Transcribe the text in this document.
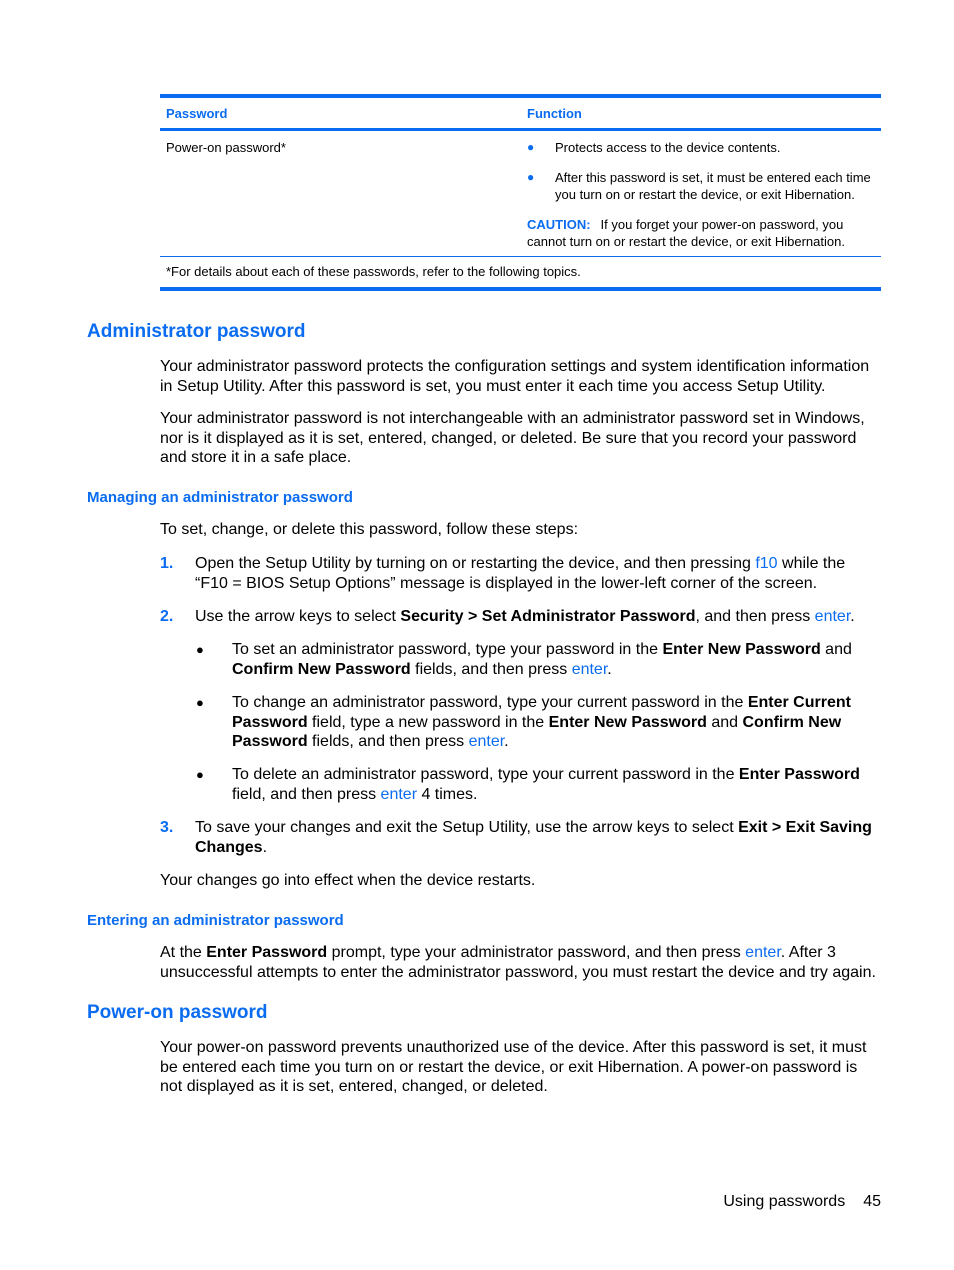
Password	Function
Power-on password*	●	Protects access to the device contents.
●	After this password is set, it must be entered each time you turn on or restart the device, or exit Hibernation.
CAUTION: If you forget your power-on password, you cannot turn on or restart the device, or exit Hibernation.
*For details about each of these passwords, refer to the following topics.
Administrator password

Your administrator password protects the configuration settings and system identification information in Setup Utility. After this password is set, you must enter it each time you access Setup Utility.

Your administrator password is not interchangeable with an administrator password set in Windows, nor is it displayed as it is set, entered, changed, or deleted. Be sure that you record your password and store it in a safe place.

Managing an administrator password

To set, change, or delete this password, follow these steps:

1.	Open the Setup Utility by turning on or restarting the device, and then pressing f10 while the “F10 = BIOS Setup Options” message is displayed in the lower-left corner of the screen.
2.	Use the arrow keys to select Security > Set Administrator Password, and then press enter.
●	To set an administrator password, type your password in the Enter New Password and Confirm New Password fields, and then press enter.
●	To change an administrator password, type your current password in the Enter Current Password field, type a new password in the Enter New Password and Confirm New Password fields, and then press enter.
●	To delete an administrator password, type your current password in the Enter Password field, and then press enter 4 times.
3.	To save your changes and exit the Setup Utility, use the arrow keys to select Exit > Exit Saving Changes.

Your changes go into effect when the device restarts.

Entering an administrator password

At the Enter Password prompt, type your administrator password, and then press enter. After 3 unsuccessful attempts to enter the administrator password, you must restart the device and try again.

Power-on password

Your power-on password prevents unauthorized use of the device. After this password is set, it must be entered each time you turn on or restart the device, or exit Hibernation. A power-on password is not displayed as it is set, entered, changed, or deleted.

Using passwords 45
